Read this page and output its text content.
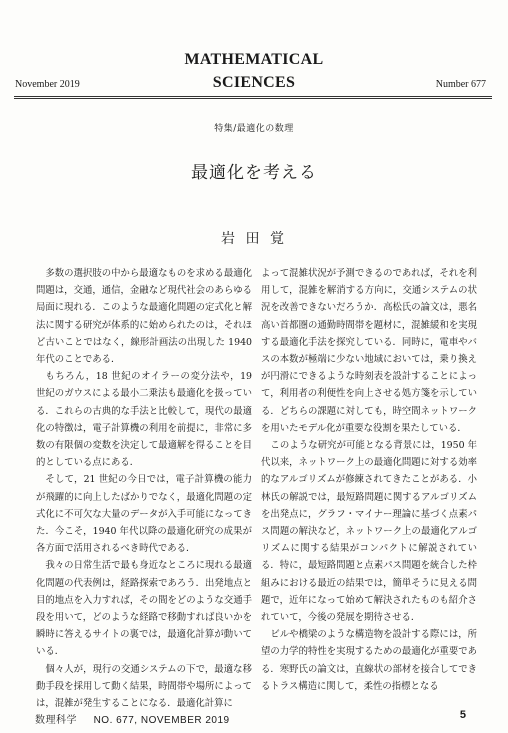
MATHEMATICAL
SCIENCES
November 2019	Number 677
特集/最適化の数理
最適化を考える
岩 田 覚

多数の選択肢の中から最適なものを求める最適化問題は，交通，通信，金融など現代社会のあらゆる局面に現れる．このような最適化問題の定式化と解法に関する研究が体系的に始められたのは，それほど古いことではなく，線形計画法の出現した 1940 年代のことである．

もちろん，18 世紀のオイラーの変分法や，19 世紀のガウスによる最小二乗法も最適化を扱っている．これらの古典的な手法と比較して，現代の最適化の特徴は，電子計算機の利用を前提に，非常に多数の有限個の変数を決定して最適解を得ることを目的としている点にある．

そして，21 世紀の今日では，電子計算機の能力が飛躍的に向上したばかりでなく，最適化問題の定式化に不可欠な大量のデータが入手可能になってきた．今こそ，1940 年代以降の最適化研究の成果が各方面で活用されるべき時代である．

我々の日常生活で最も身近なところに現れる最適化問題の代表例は，経路探索であろう．出発地点と目的地点を入力すれば，その間をどのような交通手段を用いて，どのような経路で移動すれば良いかを瞬時に答えるサイトの裏では，最適化計算が動いている．

個々人が，現行の交通システムの下で，最適な移動手段を採用して動く結果，時間帯や場所によっては，混雑が発生することになる．最適化計算に

よって混雑状況が予測できるのであれば，それを利用して，混雑を解消する方向に，交通システムの状況を改善できないだろうか．高松氏の論文は，悪名高い首都圏の通勤時間帯を題材に，混雑緩和を実現する最適化手法を探究している．同時に，電車やバスの本数が極端に少ない地域においては，乗り換えが円滑にできるような時刻表を設計することによって，利用者の利便性を向上させる処方箋を示している．どちらの課題に対しても，時空間ネットワークを用いたモデル化が重要な役割を果たしている．

このような研究が可能となる背景には，1950 年代以来，ネットワーク上の最適化問題に対する効率的なアルゴリズムが修練されてきたことがある．小林氏の解説では，最短路問題に関するアルゴリズムを出発点に，グラフ・マイナー理論に基づく点素パス問題の解決など，ネットワーク上の最適化アルゴリズムに関する結果がコンパクトに解説されている．特に，最短路問題と点素パス問題を統合した枠組みにおける最近の結果では，簡単そうに見える問題で，近年になって始めて解決されたものも紹介されていて，今後の発展を期待させる．

ビルや橋梁のような構造物を設計する際には，所望の力学的特性を実現するための最適化が重要である．寒野氏の論文は，直線状の部材を接合してできるトラス構造に関して，柔性の指標となる

数理科学 NO. 677, NOVEMBER 2019	5
